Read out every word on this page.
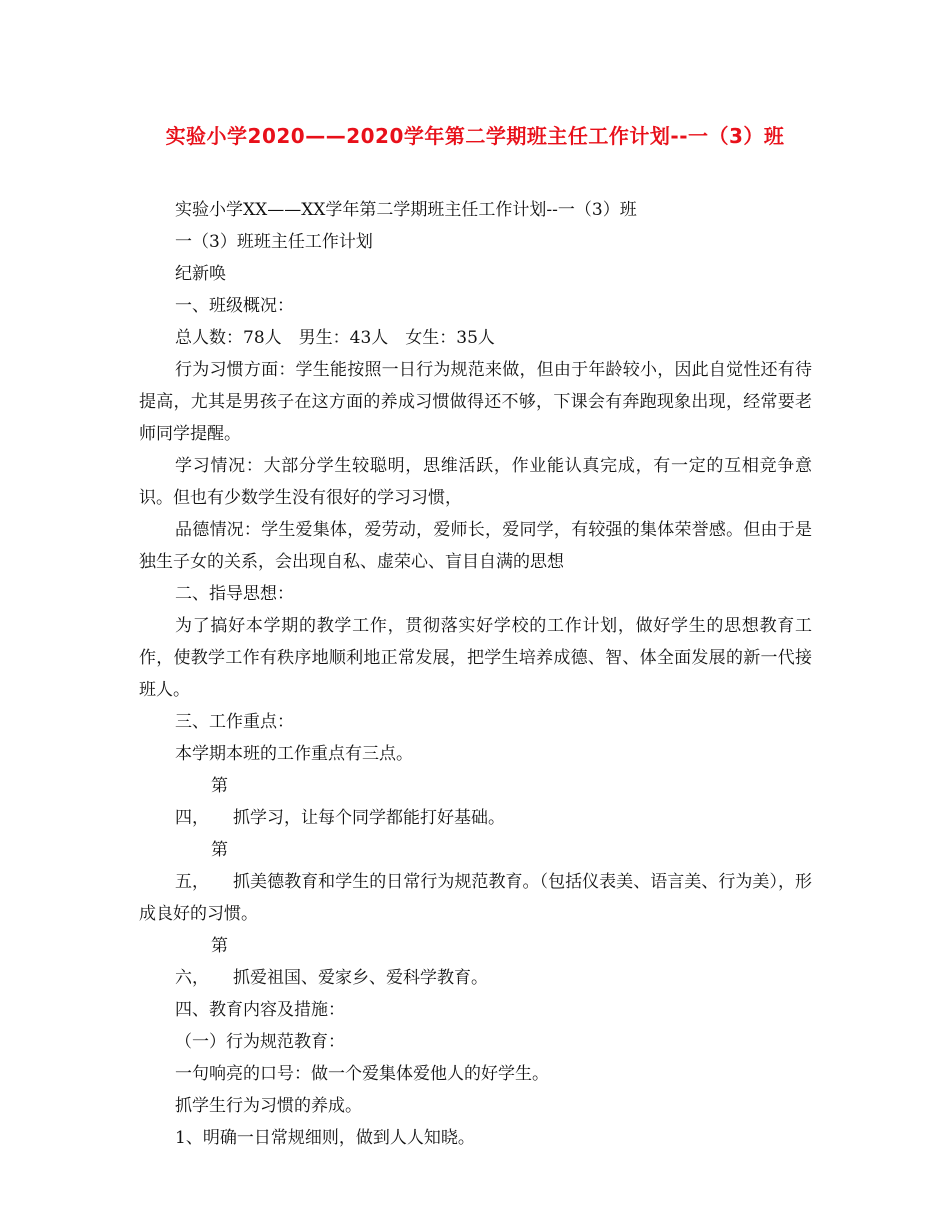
实验小学2020——2020学年第二学期班主任工作计划--一（3）班

实验小学XX——XX学年第二学期班主任工作计划--一（3）班

一（3）班班主任工作计划

纪新唤

一、班级概况：

总人数：78人　男生：43人　女生：35人

行为习惯方面：学生能按照一日行为规范来做，但由于年龄较小，因此自觉性还有待提高，尤其是男孩子在这方面的养成习惯做得还不够，下课会有奔跑现象出现，经常要老师同学提醒。

学习情况：大部分学生较聪明，思维活跃，作业能认真完成，有一定的互相竞争意识。但也有少数学生没有很好的学习习惯，

品德情况：学生爱集体，爱劳动，爱师长，爱同学，有较强的集体荣誉感。但由于是独生子女的关系，会出现自私、虚荣心、盲目自满的思想

二、指导思想：

为了搞好本学期的教学工作，贯彻落实好学校的工作计划，做好学生的思想教育工作，使教学工作有秩序地顺利地正常发展，把学生培养成德、智、体全面发展的新一代接班人。

三、工作重点：

本学期本班的工作重点有三点。

第四， 抓学习，让每个同学都能打好基础。

第五， 抓美德教育和学生的日常行为规范教育。（包括仪表美、语言美、行为美），形成良好的习惯。

第六， 抓爱祖国、爱家乡、爱科学教育。

四、教育内容及措施：

（一）行为规范教育：

一句响亮的口号：做一个爱集体爱他人的好学生。

抓学生行为习惯的养成。

1、明确一日常规细则，做到人人知晓。
